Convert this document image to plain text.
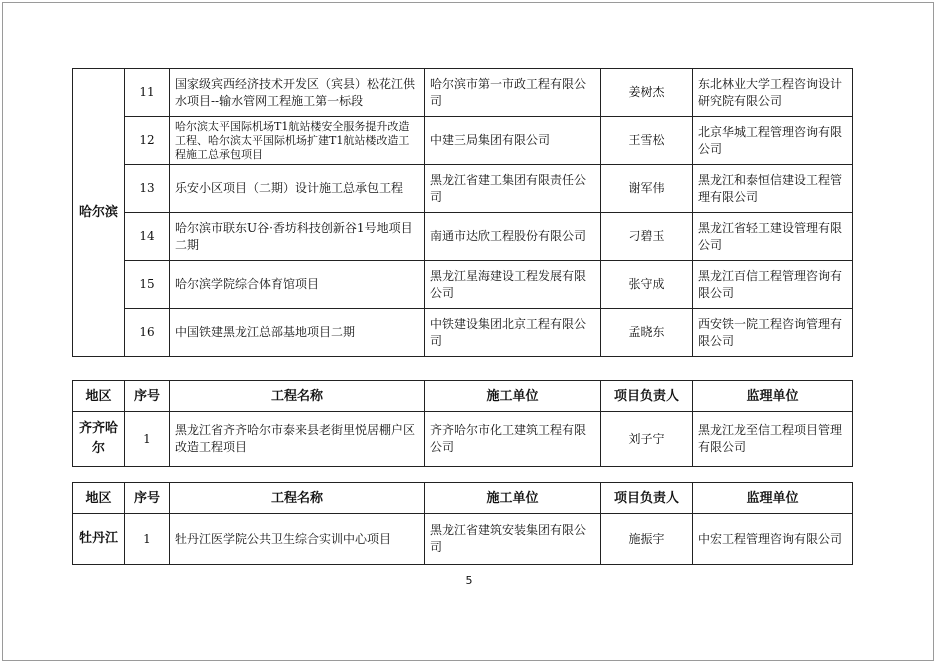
哈尔滨	11	国家级宾西经济技术开发区（宾县）松花江供水项目--输水管网工程施工第一标段	哈尔滨市第一市政工程有限公司	姜树杰	东北林业大学工程咨询设计研究院有限公司
	12	哈尔滨太平国际机场T1航站楼安全服务提升改造工程、哈尔滨太平国际机场扩建T1航站楼改造工程施工总承包项目	中建三局集团有限公司	王雪松	北京华城工程管理咨询有限公司
	13	乐安小区项目（二期）设计施工总承包工程	黑龙江省建工集团有限责任公司	谢军伟	黑龙江和泰恒信建设工程管理有限公司
	14	哈尔滨市联东U谷·香坊科技创新谷1号地项目二期	南通市达欣工程股份有限公司	刁碧玉	黑龙江省轻工建设管理有限公司
	15	哈尔滨学院综合体育馆项目	黑龙江星海建设工程发展有限公司	张守成	黑龙江百信工程管理咨询有限公司
	16	中国铁建黑龙江总部基地项目二期	中铁建设集团北京工程有限公司	孟晓东	西安铁一院工程咨询管理有限公司
地区	序号	工程名称	施工单位	项目负责人	监理单位
齐齐哈尔	1	黑龙江省齐齐哈尔市泰来县老街里悦居棚户区改造工程项目	齐齐哈尔市化工建筑工程有限公司	刘子宁	黑龙江龙至信工程项目管理有限公司
地区	序号	工程名称	施工单位	项目负责人	监理单位
牡丹江	1	牡丹江医学院公共卫生综合实训中心项目	黑龙江省建筑安装集团有限公司	施振宇	中宏工程管理咨询有限公司
5
